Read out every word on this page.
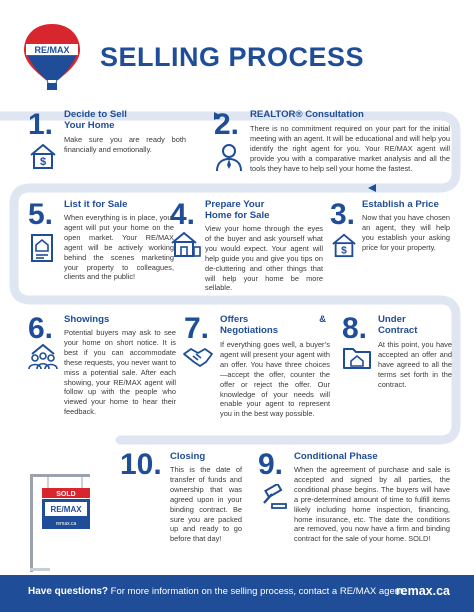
RE/MAX SELLING PROCESS
1. Decide to Sell
Your Home
$
Make sure you are ready both financially and emotionally.
2. REALTOR® Consultation
There is no commitment required on your part for the initial meeting with an agent. It will be educational and will help you identify the right agent for you. Your RE/MAX agent will provide you with a comparative market analysis and all the tools they have to help sell your home the fastest.
5. List it for Sale
When everything is in place, your agent will put your home on the open market. Your RE/MAX agent will be actively working behind the scenes marketing your property to colleagues, clients and the public!
4. Prepare Your
Home for Sale
View your home through the eyes of the buyer and ask yourself what you would expect. Your agent will help guide you and give you tips on de-cluttering and other things that will help your home be more sellable.
3. Establish a Price
$
Now that you have chosen an agent, they will help you establish your asking price for your property.
6. Showings
Potential buyers may ask to see your home on short notice. It is best if you can accommodate these requests, you never want to miss a potential sale. After each showing, your RE/MAX agent will follow up with the people who viewed your home to hear their feedback.
7. Offers	&
Negotiations
If everything goes well, a buyer’s agent will present your agent with an offer. You have three choices—accept the offer, counter the offer or reject the offer. Our knowledge of your needs will enable your agent to represent you in the best way possible.
8. Under
Contract
At this point, you have accepted an offer and have agreed to all the terms set forth in the contract.
10. Closing
This is the date of transfer of funds and ownership that was agreed upon in your binding contract. Be sure you are packed up and ready to go before that day!
9. Conditional Phase
When the agreement of purchase and sale is accepted and signed by all parties, the conditional phase begins. The buyers will have a pre-determined amount of time to fulfill items likely including home inspection, financing, home insurance, etc. The date the conditions are removed, you now have a firm and binding contract for the sale of your home. SOLD!
SOLD
RE/MAX
remax.ca
Have questions? For more information on the selling process, contact a RE/MAX agent.
remax.ca
